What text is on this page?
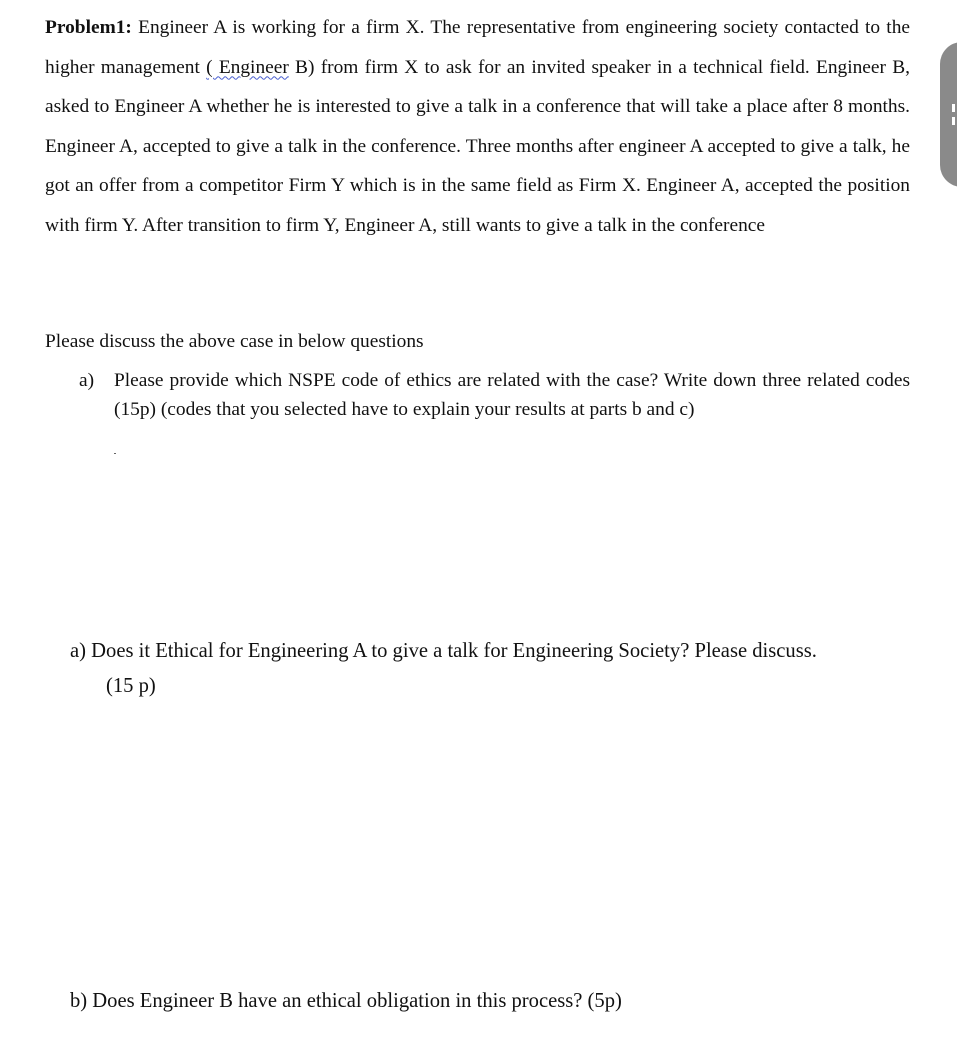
Problem1: Engineer A is working for a firm X. The representative from engineering society contacted to the higher management ( Engineer B) from firm X to ask for an invited speaker in a technical field. Engineer B, asked to Engineer A whether he is interested to give a talk in a conference that will take a place after 8 months. Engineer A, accepted to give a talk in the conference. Three months after engineer A accepted to give a talk, he got an offer from a competitor Firm Y which is in the same field as Firm X. Engineer A, accepted the position with firm Y. After transition to firm Y, Engineer A, still wants to give a talk in the conference
Please discuss the above case in below questions
a)	Please provide which NSPE code of ethics are related with the case? Write down three related codes (15p) (codes that you selected have to explain your results at parts b and c)
a) Does it Ethical for Engineering A to give a talk for Engineering Society? Please discuss.
(15 p)
b) Does Engineer B have an ethical obligation in this process? (5p)
